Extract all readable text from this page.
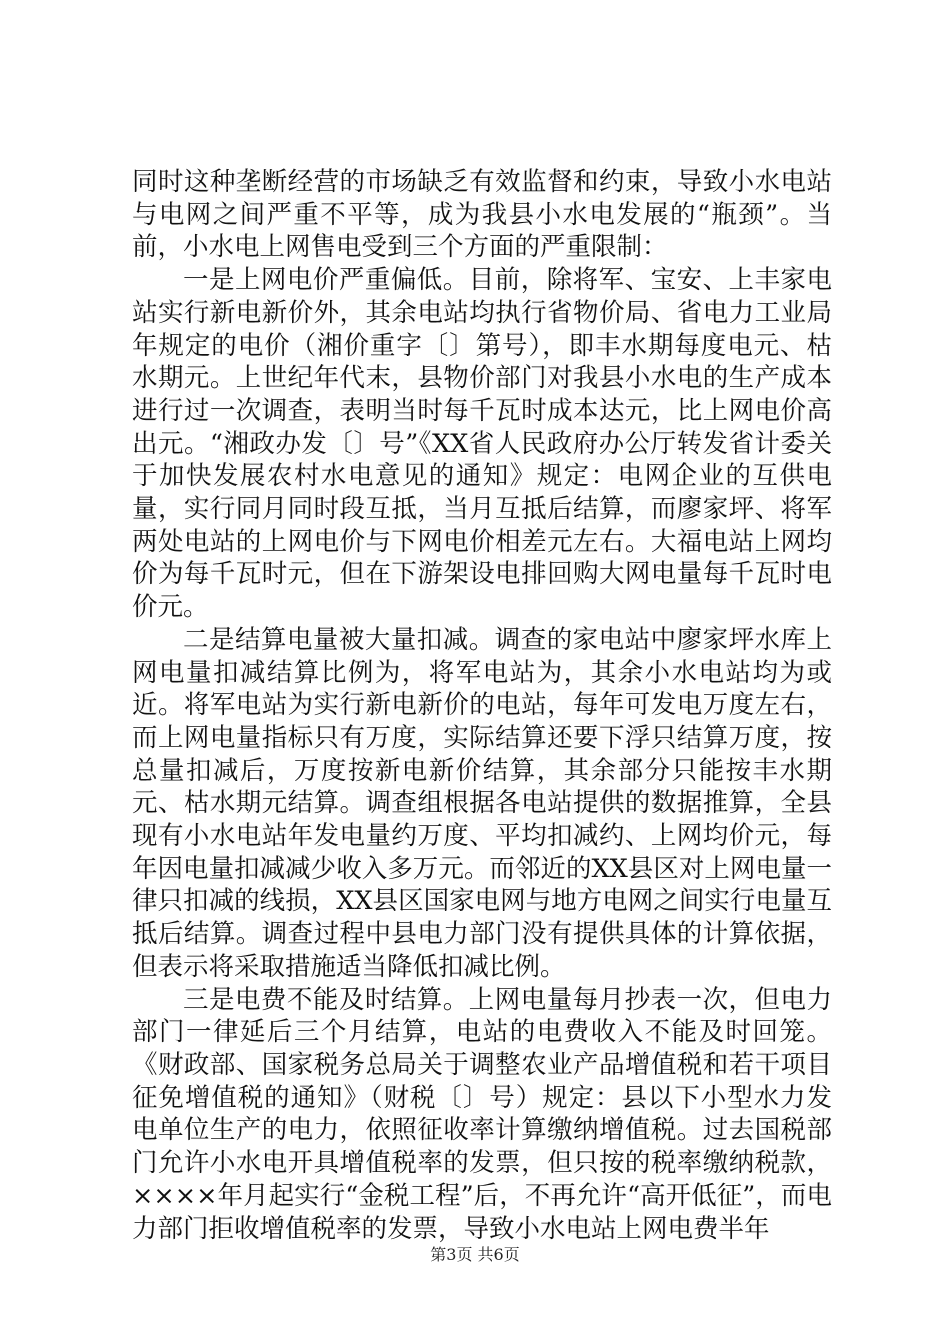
同时这种垄断经营的市场缺乏有效监督和约束，导致小水电站与电网之间严重不平等，成为我县小水电发展的“瓶颈”。当前，小水电上网售电受到三个方面的严重限制：

一是上网电价严重偏低。目前，除将军、宝安、上丰家电站实行新电新价外，其余电站均执行省物价局、省电力工业局年规定的电价（湘价重字〔〕第号），即丰水期每度电元、枯水期元。上世纪年代末，县物价部门对我县小水电的生产成本进行过一次调查，表明当时每千瓦时成本达元，比上网电价高出元。“湘政办发〔〕号”《XX省人民政府办公厅转发省计委关于加快发展农村水电意见的通知》规定：电网企业的互供电量，实行同月同时段互抵，当月互抵后结算，而廖家坪、将军两处电站的上网电价与下网电价相差元左右。大福电站上网均价为每千瓦时元，但在下游架设电排回购大网电量每千瓦时电价元。

二是结算电量被大量扣减。调查的家电站中廖家坪水库上网电量扣减结算比例为，将军电站为，其余小水电站均为或近。将军电站为实行新电新价的电站，每年可发电万度左右，而上网电量指标只有万度，实际结算还要下浮只结算万度，按总量扣减后，万度按新电新价结算，其余部分只能按丰水期元、枯水期元结算。调查组根据各电站提供的数据推算，全县现有小水电站年发电量约万度、平均扣减约、上网均价元，每年因电量扣减减少收入多万元。而邻近的XX县区对上网电量一律只扣减的线损，XX县区国家电网与地方电网之间实行电量互抵后结算。调查过程中县电力部门没有提供具体的计算依据，但表示将采取措施适当降低扣减比例。

三是电费不能及时结算。上网电量每月抄表一次，但电力部门一律延后三个月结算，电站的电费收入不能及时回笼。《财政部、国家税务总局关于调整农业产品增值税和若干项目征免增值税的通知》（财税〔〕号）规定：县以下小型水力发电单位生产的电力，依照征收率计算缴纳增值税。过去国税部门允许小水电开具增值税率的发票，但只按的税率缴纳税款，××××年月起实行“金税工程”后，不再允许“高开低征”，而电力部门拒收增值税率的发票，导致小水电站上网电费半年

第3页 共6页
